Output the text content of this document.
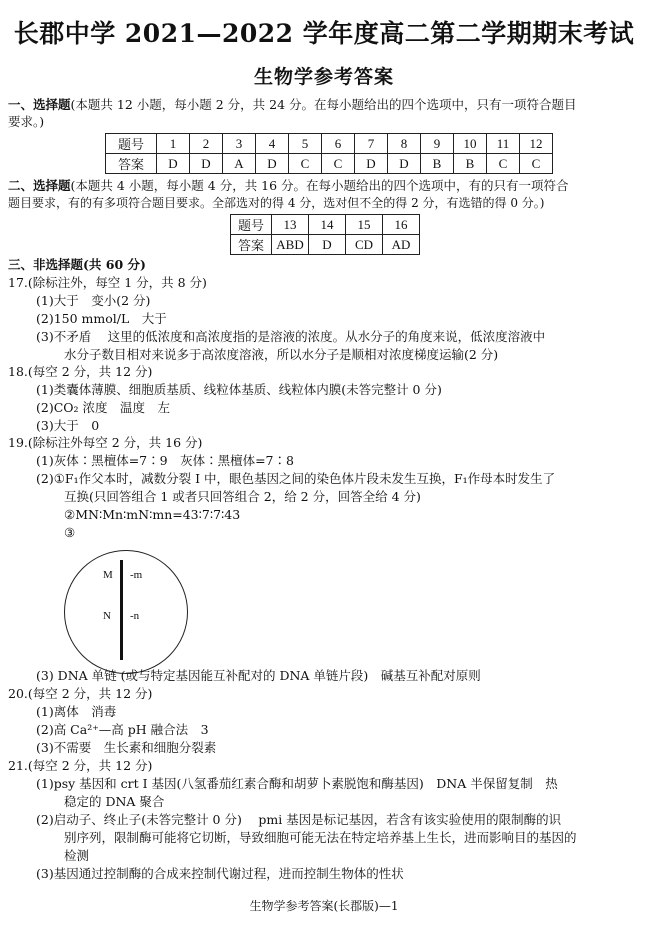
长郡中学 2021—2022 学年度高二第二学期期末考试
生物学参考答案
一、选择题(本题共 12 小题，每小题 2 分，共 24 分。在每小题给出的四个选项中，只有一项符合题目
要求。)
题号	1	2	3	4	5	6	7	8	9	10	11	12
答案	D	D	A	D	C	C	D	D	B	B	C	C
二、选择题(本题共 4 小题，每小题 4 分，共 16 分。在每小题给出的四个选项中，有的只有一项符合
题目要求，有的有多项符合题目要求。全部选对的得 4 分，选对但不全的得 2 分，有选错的得 0 分。)
题号	13	14	15	16
答案	ABD	D	CD	AD
三、非选择题(共 60 分)
17.(除标注外，每空 1 分，共 8 分)
(1)大于　变小(2 分)
(2)150 mmol/L　大于
(3)不矛盾　 这里的低浓度和高浓度指的是溶液的浓度。从水分子的角度来说，低浓度溶液中
水分子数目相对来说多于高浓度溶液，所以水分子是顺相对浓度梯度运输(2 分)
18.(每空 2 分，共 12 分)
(1)类囊体薄膜、细胞质基质、线粒体基质、线粒体内膜(未答完整计 0 分)
(2)CO₂ 浓度　温度　左
(3)大于　0
19.(除标注外每空 2 分，共 16 分)
(1)灰体∶黑檀体=7∶9　灰体∶黑檀体=7∶8
(2)①F₁作父本时，减数分裂 Ⅰ 中，眼色基因之间的染色体片段未发生互换，F₁作母本时发生了
互换(只回答组合 1 或者只回答组合 2，给 2 分，回答全给 4 分)
②MN∶Mn∶mN∶mn=43∶7∶7∶43
③
M -m
N -n
(3) DNA 单链 (或与特定基因能互补配对的 DNA 单链片段)　碱基互补配对原则
20.(每空 2 分，共 12 分)
(1)离体　消毒
(2)高 Ca²⁺—高 pH 融合法　3
(3)不需要　生长素和细胞分裂素
21.(每空 2 分，共 12 分)
(1)psy 基因和 crt Ⅰ 基因(八氢番茄红素合酶和胡萝卜素脱饱和酶基因)　DNA 半保留复制　热
稳定的 DNA 聚合
(2)启动子、终止子(未答完整计 0 分)　 pmi 基因是标记基因，若含有该实验使用的限制酶的识
别序列，限制酶可能将它切断，导致细胞可能无法在特定培养基上生长，进而影响目的基因的
检测
(3)基因通过控制酶的合成来控制代谢过程，进而控制生物体的性状
生物学参考答案(长郡版)—1
